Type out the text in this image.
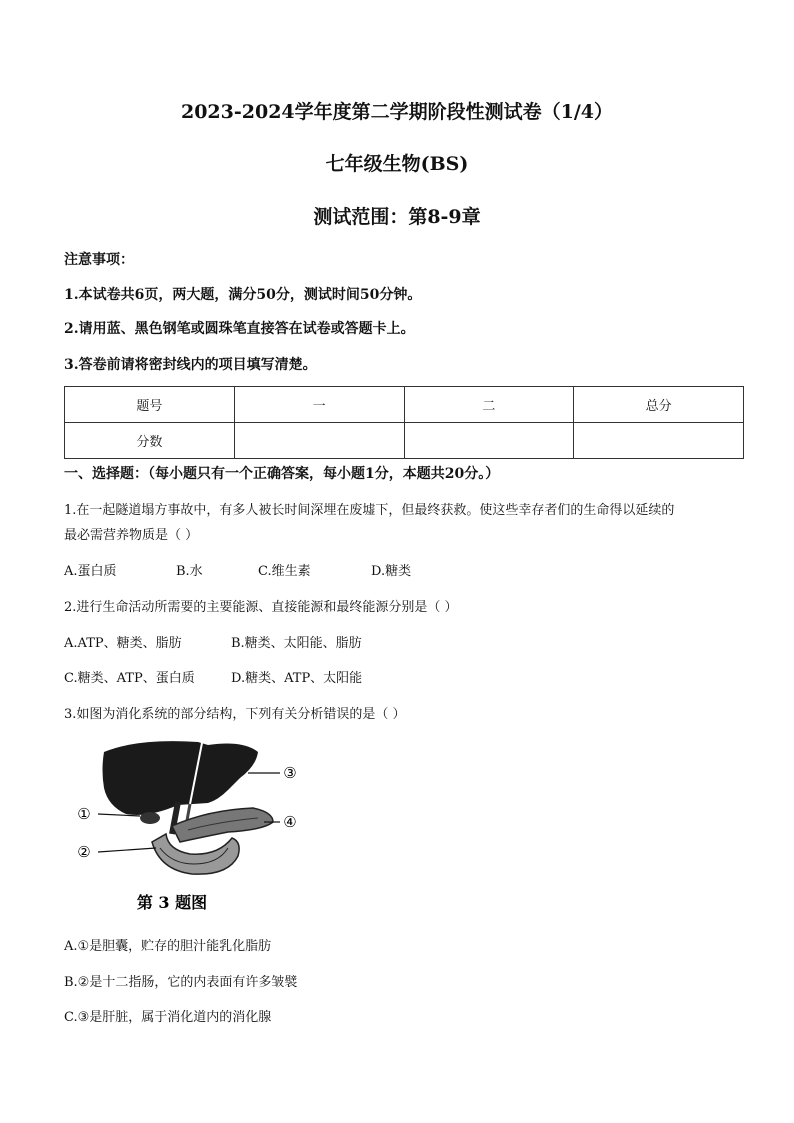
2023-2024学年度第二学期阶段性测试卷（1/4）
七年级生物(BS)
测试范围：第8-9章
注意事项：
1.本试卷共6页，两大题，满分50分，测试时间50分钟。
2.请用蓝、黑色钢笔或圆珠笔直接答在试卷或答题卡上。
3.答卷前请将密封线内的项目填写清楚。
题号	一	二	总分
分数			
一、选择题：（每小题只有一个正确答案，每小题1分，本题共20分。）
1.在一起隧道塌方事故中，有多人被长时间深埋在废墟下，但最终获救。使这些幸存者们的生命得以延续的
最必需营养物质是（ ）
A.蛋白质	B.水	C.维生素	D.糖类
2.进行生命活动所需要的主要能源、直接能源和最终能源分别是（ ）
A.ATP、糖类、脂肪	B.糖类、太阳能、脂肪
C.糖类、ATP、蛋白质	D.糖类、ATP、太阳能
3.如图为消化系统的部分结构，下列有关分析错误的是（ ）
①
②
③
④
第 3 题图
A.①是胆囊，贮存的胆汁能乳化脂肪
B.②是十二指肠，它的内表面有许多皱襞
C.③是肝脏，属于消化道内的消化腺
